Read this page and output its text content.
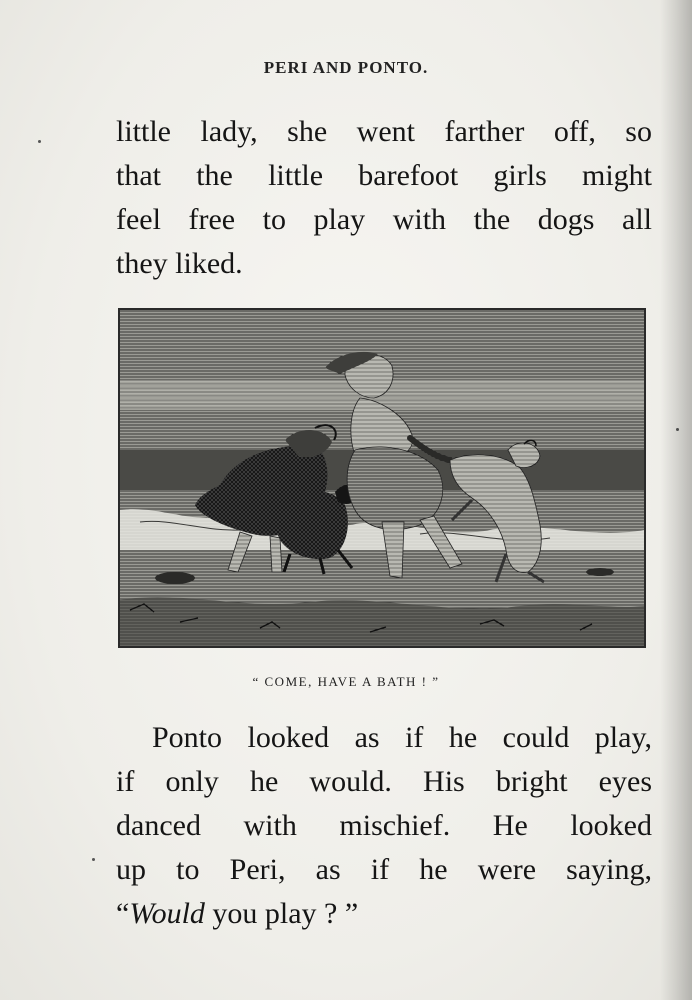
PERI AND PONTO.
little lady, she went farther off, so
that the little barefoot girls might
feel free to play with the dogs all
they liked.
“ COME, HAVE A BATH ! ”
Ponto looked as if he could play,
if only he would. His bright eyes
danced with mischief. He looked
up to Peri, as if he were saying,
“Would you play ? ”
